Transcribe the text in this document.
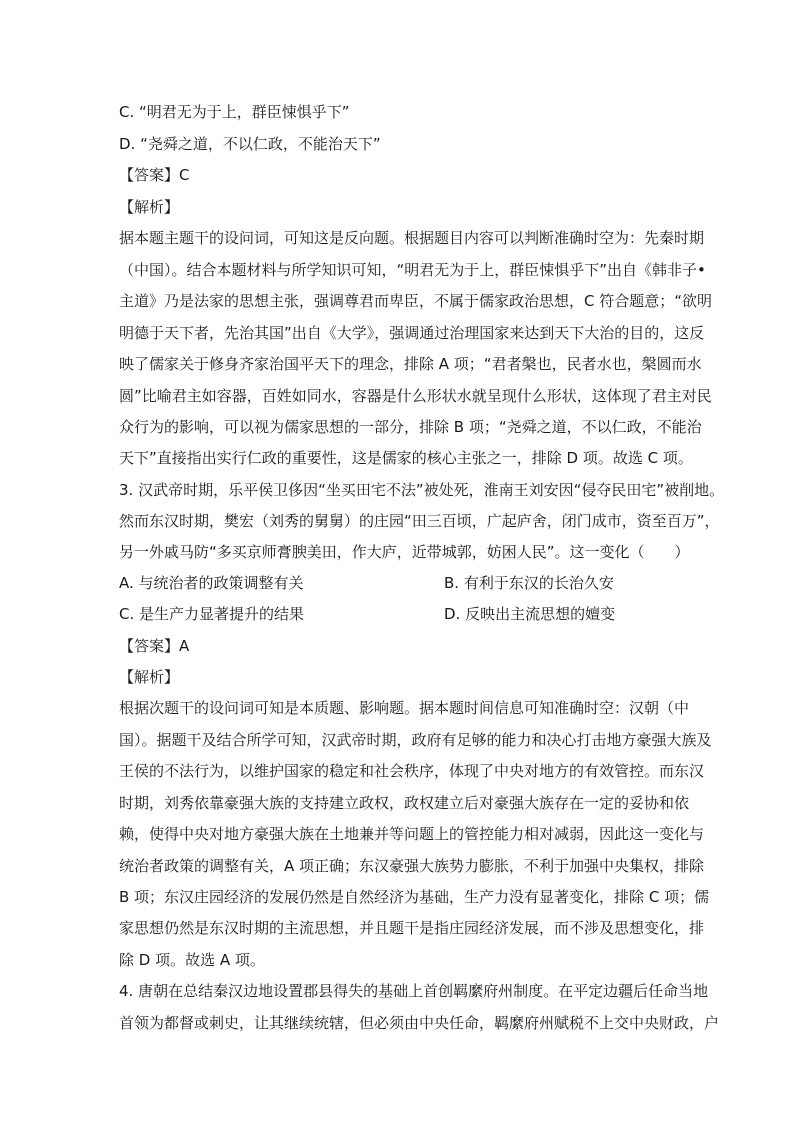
C. “明君无为于上，群臣悚惧乎下”
D. “尧舜之道，不以仁政，不能治天下”
【答案】C
【解析】
据本题主题干的设问词，可知这是反向题。根据题目内容可以判断准确时空为：先秦时期
（中国）。结合本题材料与所学知识可知，“明君无为于上，群臣悚惧乎下”出自《韩非子•
主道》乃是法家的思想主张，强调尊君而卑臣，不属于儒家政治思想，C 符合题意；“欲明
明德于天下者，先治其国”出自《大学》，强调通过治理国家来达到天下大治的目的，这反
映了儒家关于修身齐家治国平天下的理念，排除 A 项；“君者槃也，民者水也，槃圆而水
圆”比喻君主如容器，百姓如同水，容器是什么形状水就呈现什么形状，这体现了君主对民
众行为的影响，可以视为儒家思想的一部分，排除 B 项；“尧舜之道，不以仁政，不能治
天下”直接指出实行仁政的重要性，这是儒家的核心主张之一，排除 D 项。故选 C 项。
3. 汉武帝时期，乐平侯卫侈因“坐买田宅不法”被处死，淮南王刘安因“侵夺民田宅”被削地。
然而东汉时期，樊宏（刘秀的舅舅）的庄园“田三百顷，广起庐舍，闭门成市，资至百万”，
另一外戚马防“多买京师膏腴美田，作大庐，近带城郭，妨困人民”。这一变化（　　）
A. 与统治者的政策调整有关	B. 有利于东汉的长治久安
C. 是生产力显著提升的结果	D. 反映出主流思想的嬗变
【答案】A
【解析】
根据次题干的设问词可知是本质题、影响题。据本题时间信息可知准确时空：汉朝（中
国）。据题干及结合所学可知，汉武帝时期，政府有足够的能力和决心打击地方豪强大族及
王侯的不法行为，以维护国家的稳定和社会秩序，体现了中央对地方的有效管控。而东汉
时期，刘秀依靠豪强大族的支持建立政权，政权建立后对豪强大族存在一定的妥协和依
赖，使得中央对地方豪强大族在土地兼并等问题上的管控能力相对减弱，因此这一变化与
统治者政策的调整有关，A 项正确；东汉豪强大族势力膨胀，不利于加强中央集权，排除
B 项；东汉庄园经济的发展仍然是自然经济为基础，生产力没有显著变化，排除 C 项；儒
家思想仍然是东汉时期的主流思想，并且题干是指庄园经济发展，而不涉及思想变化，排
除 D 项。故选 A 项。
4. 唐朝在总结秦汉边地设置郡县得失的基础上首创羁縻府州制度。在平定边疆后任命当地
首领为都督或刺史，让其继续统辖，但必须由中央任命，羁縻府州赋税不上交中央财政，户
